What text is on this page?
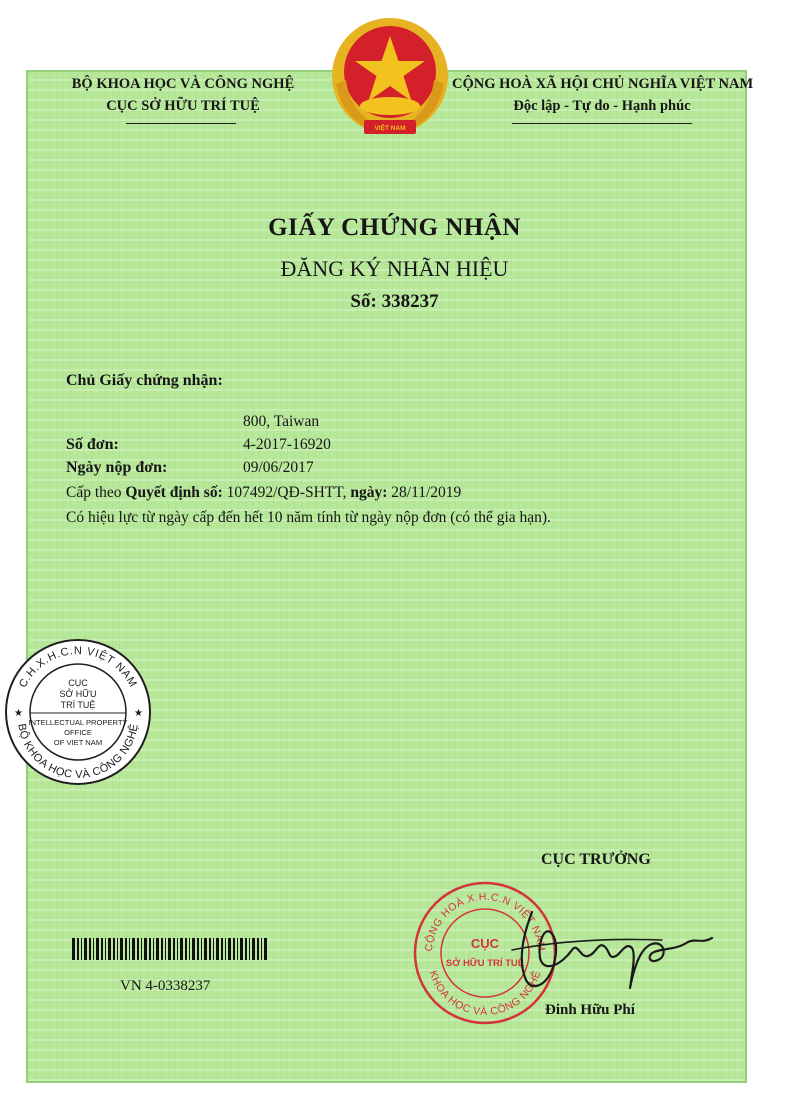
VIỆT NAM
BỘ KHOA HỌC VÀ CÔNG NGHỆ
CỤC SỞ HỮU TRÍ TUỆ
CỘNG HOÀ XÃ HỘI CHỦ NGHĨA VIỆT NAM
Độc lập - Tự do - Hạnh phúc
GIẤY CHỨNG NHẬN
ĐĂNG KÝ NHÃN HIỆU
Số: 338237
Chủ Giấy chứng nhận:
800, Taiwan
Số đơn:	4-2017-16920
Ngày nộp đơn:	09/06/2017
Cấp theo Quyết định số: 107492/QĐ-SHTT, ngày: 28/11/2019
Có hiệu lực từ ngày cấp đến hết 10 năm tính từ ngày nộp đơn (có thể gia hạn).
C.H.X.H.C.N VIỆT NAM
BỘ KHOA HỌC VÀ CÔNG NGHỆ
★	★
CỤC
SỞ HỮU
TRÍ TUỆ
INTELLECTUAL PROPERTY
OFFICE
OF VIET NAM
CỤC TRƯỞNG
CỘNG HOÀ X.H.C.N VIỆT NAM
KHOA HỌC VÀ CÔNG NGHỆ
CỤC
SỞ HỮU TRÍ TUỆ
Đinh Hữu Phí
VN 4-0338237
